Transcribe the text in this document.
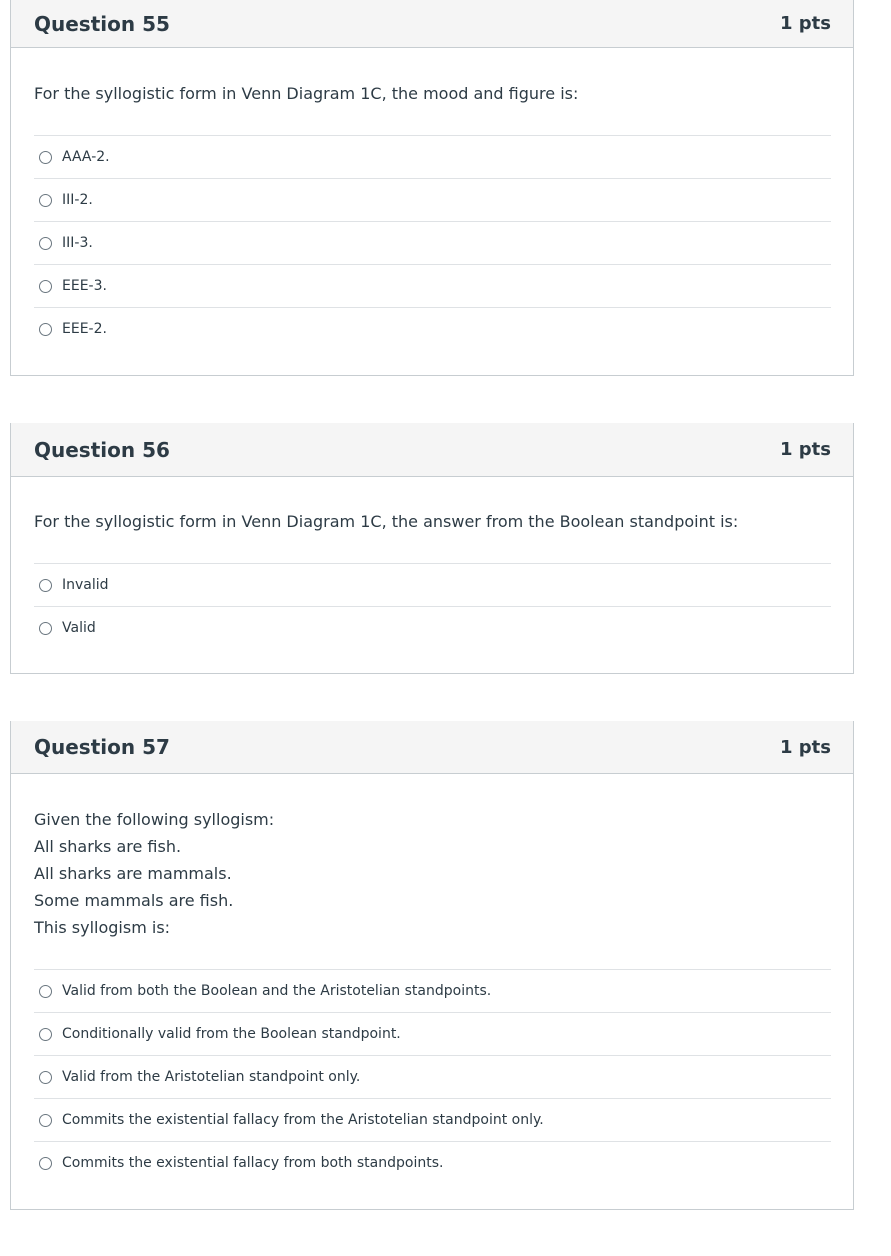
Question 55	1 pts
For the syllogistic form in Venn Diagram 1C, the mood and figure is:
AAA-2.
III-2.
III-3.
EEE-3.
EEE-2.
Question 56	1 pts
For the syllogistic form in Venn Diagram 1C, the answer from the Boolean standpoint is:
Invalid
Valid
Question 57	1 pts
Given the following syllogism:
All sharks are fish.
All sharks are mammals.
Some mammals are fish.
This syllogism is:
Valid from both the Boolean and the Aristotelian standpoints.
Conditionally valid from the Boolean standpoint.
Valid from the Aristotelian standpoint only.
Commits the existential fallacy from the Aristotelian standpoint only.
Commits the existential fallacy from both standpoints.
